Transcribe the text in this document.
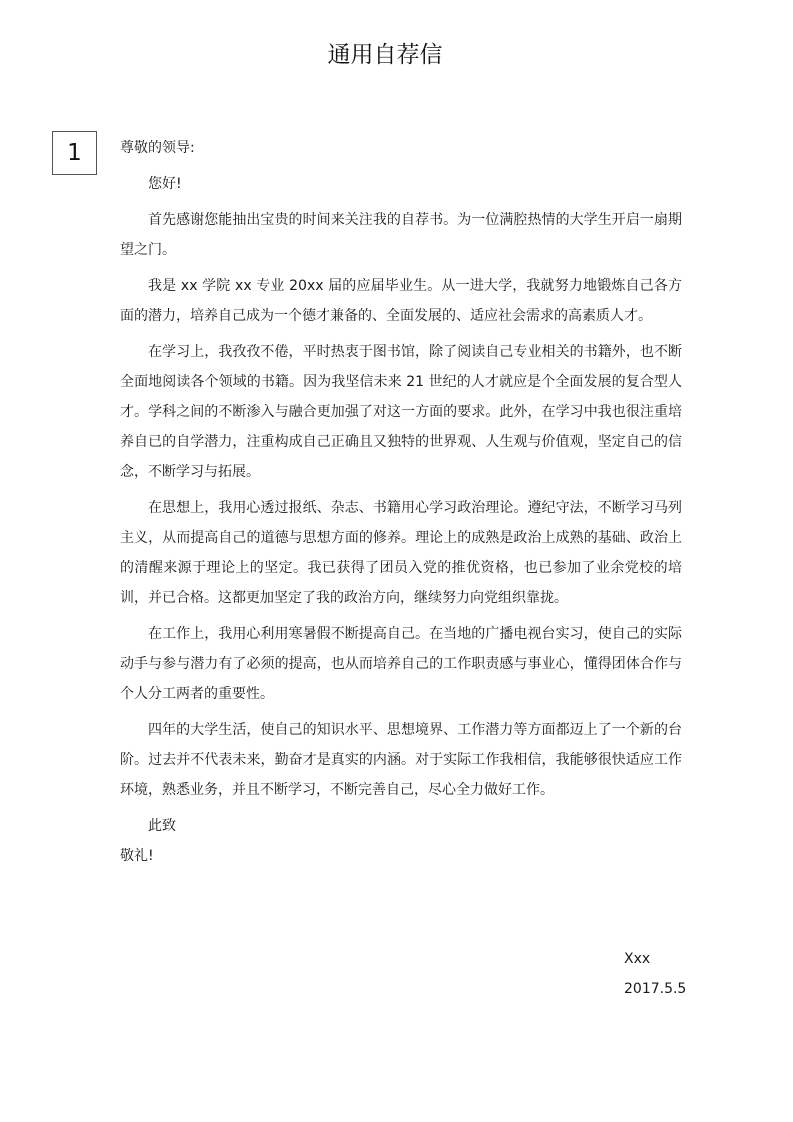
通用自荐信
1	尊敬的领导:

您好!

首先感谢您能抽出宝贵的时间来关注我的自荐书。为一位满腔热情的大学生开启一扇期望之门。

我是 xx 学院 xx 专业 20xx 届的应届毕业生。从一进大学，我就努力地锻炼自己各方面的潜力，培养自己成为一个德才兼备的、全面发展的、适应社会需求的高素质人才。

在学习上，我孜孜不倦，平时热衷于图书馆，除了阅读自己专业相关的书籍外，也不断全面地阅读各个领域的书籍。因为我坚信未来 21 世纪的人才就应是个全面发展的复合型人才。学科之间的不断渗入与融合更加强了对这一方面的要求。此外，在学习中我也很注重培养自已的自学潜力，注重构成自己正确且又独特的世界观、人生观与价值观，坚定自己的信念，不断学习与拓展。

在思想上，我用心透过报纸、杂志、书籍用心学习政治理论。遵纪守法，不断学习马列主义，从而提高自己的道德与思想方面的修养。理论上的成熟是政治上成熟的基础、政治上的清醒来源于理论上的坚定。我已获得了团员入党的推优资格，也已参加了业余党校的培训，并已合格。这都更加坚定了我的政治方向，继续努力向党组织靠拢。

在工作上，我用心利用寒暑假不断提高自己。在当地的广播电视台实习，使自己的实际动手与参与潜力有了必须的提高，也从而培养自己的工作职责感与事业心，懂得团体合作与个人分工两者的重要性。

四年的大学生活，使自己的知识水平、思想境界、工作潜力等方面都迈上了一个新的台阶。过去并不代表未来，勤奋才是真实的内涵。对于实际工作我相信，我能够很快适应工作环境，熟悉业务，并且不断学习，不断完善自己，尽心全力做好工作。

此致

敬礼!

Xxx
2017.5.5
